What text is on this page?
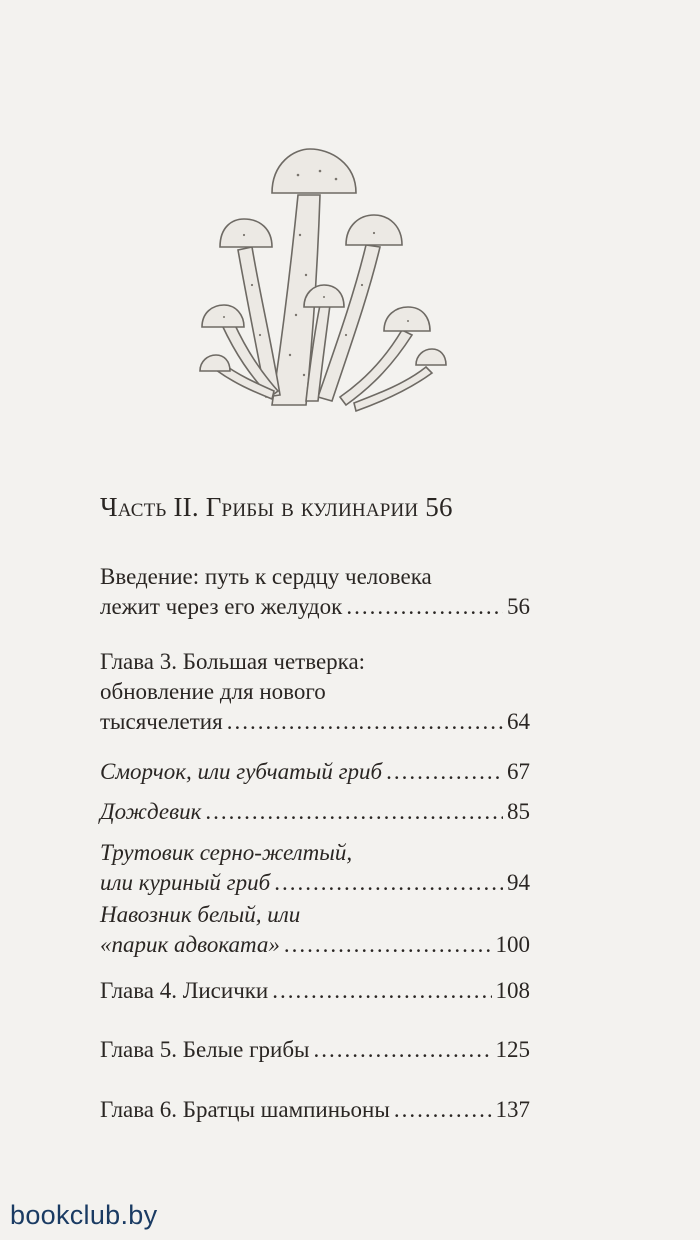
Часть II. Грибы в кулинарии 56
Введение: путь к сердцу человека
лежит через его желудок .....	56
Глава 3. Большая четверка:
обновление для нового
тысячелетия .....	64
Сморчок, или губчатый гриб .....	67
Дождевик .....	85
Трутовик серно-желтый,
или куриный гриб .....	94
Навозник белый, или
«парик адвоката» .....	100
Глава 4. Лисички .....	108
Глава 5. Белые грибы .....	125
Глава 6. Братцы шампиньоны .....	137
bookclub.by
